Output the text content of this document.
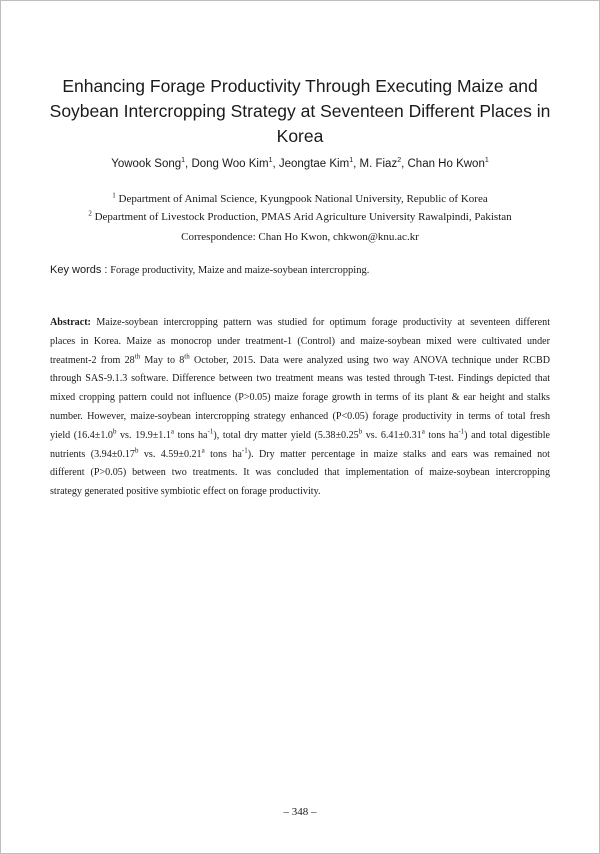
Enhancing Forage Productivity Through Executing Maize and
Soybean Intercropping Strategy at Seventeen Different Places in
Korea
Yowook Song$^1$, Dong Woo Kim$^1$, Jeongtae Kim$^1$, M. Fiaz$^2$, Chan Ho Kwon$^1$
$^1$ Department of Animal Science, Kyungpook National University, Republic of Korea
$^2$ Department of Livestock Production, PMAS Arid Agriculture University Rawalpindi, Pakistan
Correspondence: Chan Ho Kwon, chkwon@knu.ac.kr
Key words : Forage productivity, Maize and maize-soybean intercropping.
Abstract: Maize-soybean intercropping pattern was studied for optimum forage productivity at seventeen different
places in Korea. Maize as monocrop under treatment-1 (Control) and maize-soybean mixed were cultivated under
treatment-2 from 28th May to 8th October, 2015. Data were analyzed using two way ANOVA technique under RCBD
through SAS-9.1.3 software. Difference between two treatment means was tested through T-test. Findings depicted that
mixed cropping pattern could not influence (P>0.05) maize forage growth in terms of its plant & ear height and stalks
number. However, maize-soybean intercropping strategy enhanced (P<0.05) forage productivity in terms of total fresh
yield (16.4±1.0$^b$ vs. 19.9±1.1$^a$ tons $ha^{-1}$), total dry matter yield (5.38±0.25$^b$ vs. 6.41±0.31$^a$ tons $ha^{-1}$) and total digestible
nutrients (3.94±0.17$^b$ vs. 4.59±0.21$^a$ tons $ha^{-1}$). Dry matter percentage in maize stalks and ears was remained not
different (P>0.05) between two treatments. It was concluded that implementation of maize-soybean intercropping
strategy generated positive symbiotic effect on forage productivity.
– 348 –
